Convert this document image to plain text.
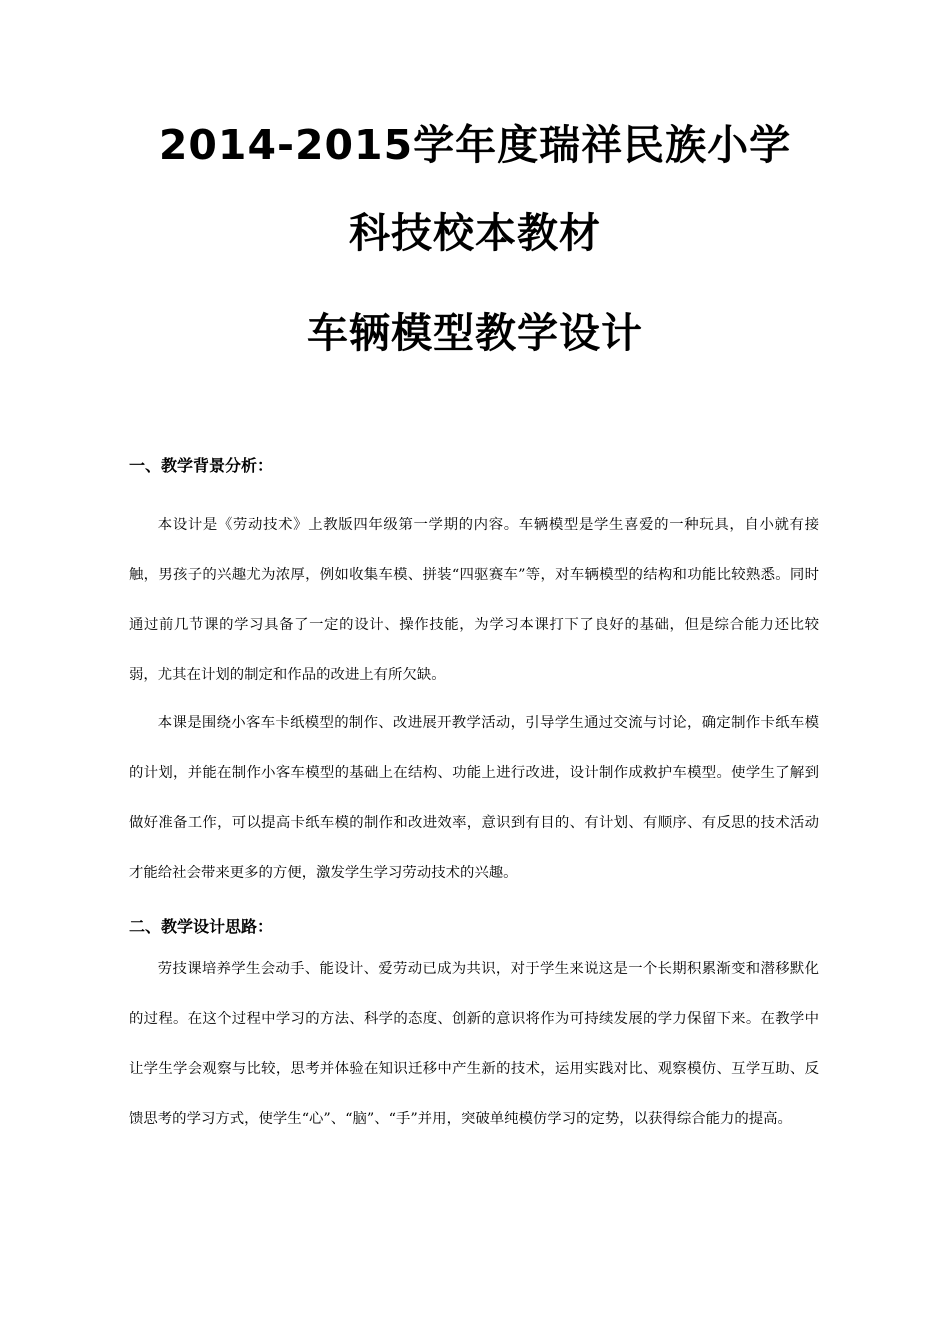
2014-2015学年度瑞祥民族小学
科技校本教材
车辆模型教学设计
一、教学背景分析：

本设计是《劳动技术》上教版四年级第一学期的内容。车辆模型是学生喜爱的一种玩具，自小就有接触，男孩子的兴趣尤为浓厚，例如收集车模、拼装“四驱赛车”等，对车辆模型的结构和功能比较熟悉。同时通过前几节课的学习具备了一定的设计、操作技能，为学习本课打下了良好的基础，但是综合能力还比较弱，尤其在计划的制定和作品的改进上有所欠缺。

本课是围绕小客车卡纸模型的制作、改进展开教学活动，引导学生通过交流与讨论，确定制作卡纸车模的计划，并能在制作小客车模型的基础上在结构、功能上进行改进，设计制作成救护车模型。使学生了解到做好准备工作，可以提高卡纸车模的制作和改进效率，意识到有目的、有计划、有顺序、有反思的技术活动才能给社会带来更多的方便，激发学生学习劳动技术的兴趣。

二、教学设计思路：

劳技课培养学生会动手、能设计、爱劳动已成为共识，对于学生来说这是一个长期积累渐变和潜移默化的过程。在这个过程中学习的方法、科学的态度、创新的意识将作为可持续发展的学力保留下来。在教学中让学生学会观察与比较，思考并体验在知识迁移中产生新的技术，运用实践对比、观察模仿、互学互助、反馈思考的学习方式，使学生“心”、“脑”、“手”并用，突破单纯模仿学习的定势，以获得综合能力的提高。
